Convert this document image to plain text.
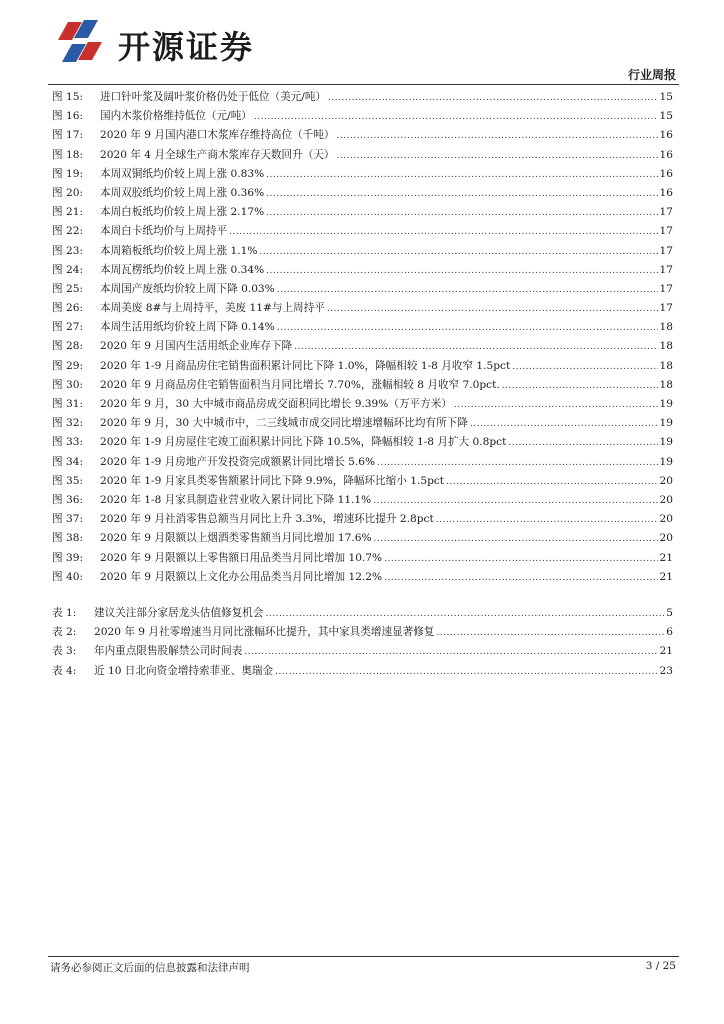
开源证券
行业周报
图 15:	进口针叶浆及阔叶浆价格仍处于低位（美元/吨） .....	15
图 16:	国内木浆价格维持低位（元/吨） .....	15
图 17:	2020 年 9 月国内港口木浆库存维持高位（千吨） .....	16
图 18:	2020 年 4 月全球生产商木浆库存天数回升（天） .....	16
图 19:	本周双铜纸均价较上周上涨 0.83% .....	16
图 20:	本周双胶纸均价较上周上涨 0.36% .....	16
图 21:	本周白板纸均价较上周上涨 2.17% .....	17
图 22:	本周白卡纸均价与上周持平 .....	17
图 23:	本周箱板纸均价较上周上涨 1.1% .....	17
图 24:	本周瓦楞纸均价较上周上涨 0.34% .....	17
图 25:	本周国产废纸均价较上周下降 0.03% .....	17
图 26:	本周美废 8#与上周持平，美废 11#与上周持平 .....	17
图 27:	本周生活用纸均价较上周下降 0.14% .....	18
图 28:	2020 年 9 月国内生活用纸企业库存下降 .....	18
图 29:	2020 年 1-9 月商品房住宅销售面积累计同比下降 1.0%，降幅相较 1-8 月收窄 1.5pct .....	18
图 30:	2020 年 9 月商品房住宅销售面积当月同比增长 7.70%，涨幅相较 8 月收窄 7.0pct. .....	18
图 31:	2020 年 9 月，30 大中城市商品房成交面积同比增长 9.39%（万平方米） .....	19
图 32:	2020 年 9 月，30 大中城市中，二三线城市成交同比增速增幅环比均有所下降 .....	19
图 33:	2020 年 1-9 月房屋住宅竣工面积累计同比下降 10.5%，降幅相较 1-8 月扩大 0.8pct .....	19
图 34:	2020 年 1-9 月房地产开发投资完成额累计同比增长 5.6% .....	19
图 35:	2020 年 1-9 月家具类零售额累计同比下降 9.9%，降幅环比缩小 1.5pct .....	20
图 36:	2020 年 1-8 月家具制造业营业收入累计同比下降 11.1% .....	20
图 37:	2020 年 9 月社消零售总额当月同比上升 3.3%，增速环比提升 2.8pct .....	20
图 38:	2020 年 9 月限额以上烟酒类零售额当月同比增加 17.6% .....	20
图 39:	2020 年 9 月限额以上零售额日用品类当月同比增加 10.7% .....	21
图 40:	2020 年 9 月限额以上文化办公用品类当月同比增加 12.2% .....	21
表 1:	建议关注部分家居龙头估值修复机会 .....	5
表 2:	2020 年 9 月社零增速当月同比涨幅环比提升，其中家具类增速显著修复 .....	6
表 3:	年内重点限售股解禁公司时间表 .....	21
表 4:	近 10 日北向资金增持索菲亚、奥瑞金 .....	23
请务必参阅正文后面的信息披露和法律声明	3 / 25
